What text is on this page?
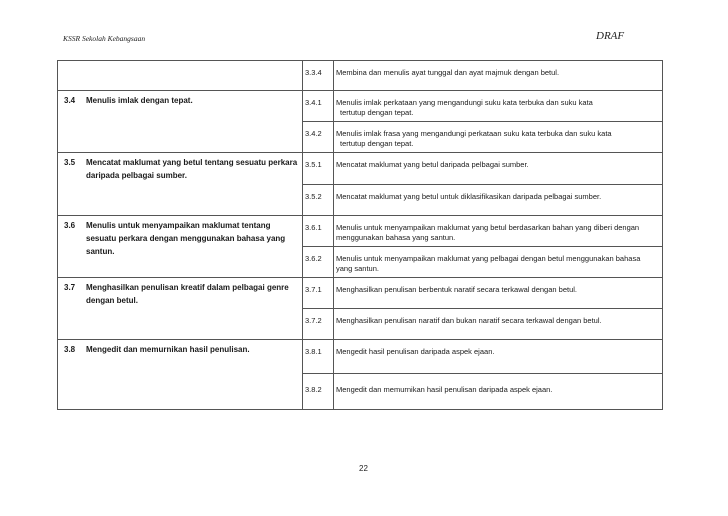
KSSR Sekolah Kebangsaan	DRAF

	3.3.4	Membina dan menulis ayat tunggal dan ayat majmuk dengan betul.

3.4 Menulis imlak dengan tepat.	3.4.1	Menulis imlak perkataan yang mengandungi suku kata terbuka dan suku kata
tertutup dengan tepat.

	3.4.2	Menulis imlak frasa yang mengandungi perkataan suku kata terbuka dan suku kata
tertutup dengan tepat.

3.5 Mencatat maklumat yang betul tentang sesuatu perkara daripada pelbagai sumber.	3.5.1	Mencatat maklumat yang betul daripada pelbagai sumber.

	3.5.2	Mencatat maklumat yang betul untuk diklasifikasikan daripada pelbagai sumber.

3.6 Menulis untuk menyampaikan maklumat tentang sesuatu perkara dengan menggunakan bahasa yang santun.	3.6.1	Menulis untuk menyampaikan maklumat yang betul berdasarkan bahan yang diberi dengan menggunakan bahasa yang santun.

	3.6.2	Menulis untuk menyampaikan maklumat yang pelbagai dengan betul menggunakan bahasa yang santun.

3.7 Menghasilkan penulisan kreatif dalam pelbagai genre dengan betul.	3.7.1	Menghasilkan penulisan berbentuk naratif secara terkawal dengan betul.

	3.7.2	Menghasilkan penulisan naratif dan bukan naratif secara terkawal dengan betul.

3.8 Mengedit dan memurnikan hasil penulisan.	3.8.1	Mengedit hasil penulisan daripada aspek ejaan.

	3.8.2	Mengedit dan memurnikan hasil penulisan daripada aspek ejaan.
22
